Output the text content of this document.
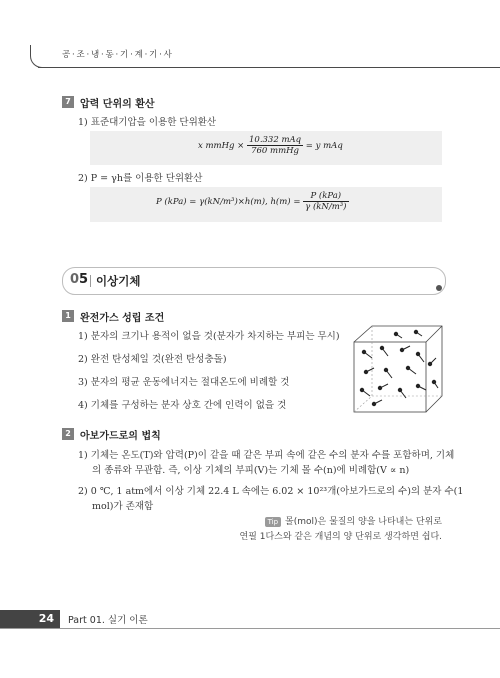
공·조·냉·동·기·계·기·사
7 압력 단위의 환산
1) 표준대기압을 이용한 단위환산
x mmHg × $\frac{\text{10.332 mAq}}{\text{760 mmHg}} = y$ mAq
2) P = γh를 이용한 단위환산
P (kPa) = γ(kN/m³)×h(m), $h(m) = \frac{\text{P (kPa)}}{\text{γ (kN/m³)}}$
05 이상기체
1 완전가스 성립 조건
1) 분자의 크기나 용적이 없을 것(분자가 차지하는 부피는 무시)
2) 완전 탄성체일 것(완전 탄성충돌)
3) 분자의 평균 운동에너지는 절대온도에 비례할 것
4) 기체를 구성하는 분자 상호 간에 인력이 없을 것
2 아보가드로의 법칙
1) 기체는 온도(T)와 압력(P)이 같을 때 같은 부피 속에 같은 수의 분자 수를 포함하며, 기체
의 종류와 무관함. 즉, 이상 기체의 부피(V)는 기체 몰 수(n)에 비례함(V ∝ n)
2) 0 ℃, 1 atm에서 이상 기체 22.4 L 속에는 6.02 × 10²³개(아보가드로의 수)의 분자 수(1
mol)가 존재함
Tip 몰(mol)은 물질의 양을 나타내는 단위로
연필 1다스와 같은 개념의 양 단위로 생각하면 쉽다.
24	Part 01. 실기 이론
